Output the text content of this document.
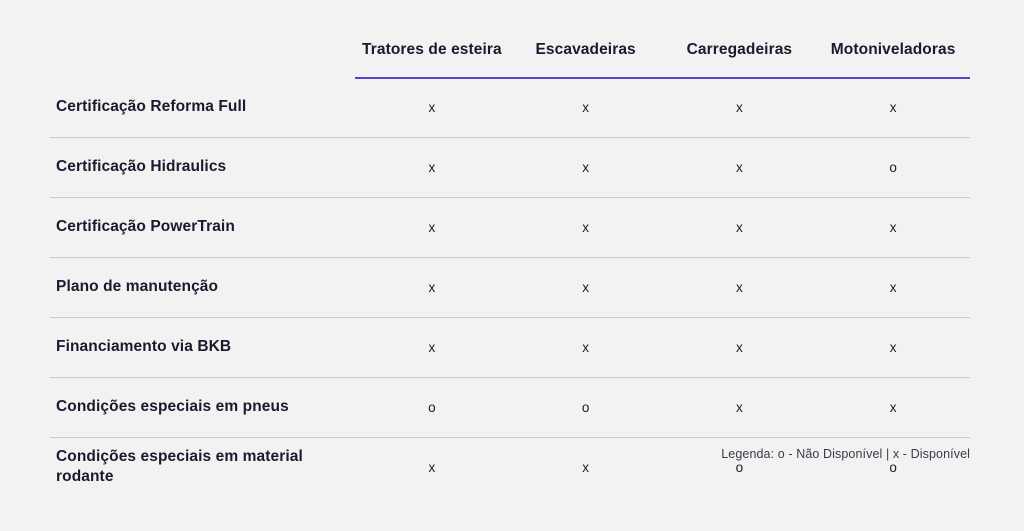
	Tratores de esteira	Escavadeiras	Carregadeiras	Motoniveladoras
Certificação Reforma Full	x	x	x	x
Certificação Hidraulics	x	x	x	o
Certificação PowerTrain	x	x	x	x
Plano de manutenção	x	x	x	x
Financiamento via BKB	x	x	x	x
Condições especiais em pneus	o	o	x	x
Condições especiais em material rodante	x	x	o	o
Legenda: o - Não Disponível | x - Disponível
